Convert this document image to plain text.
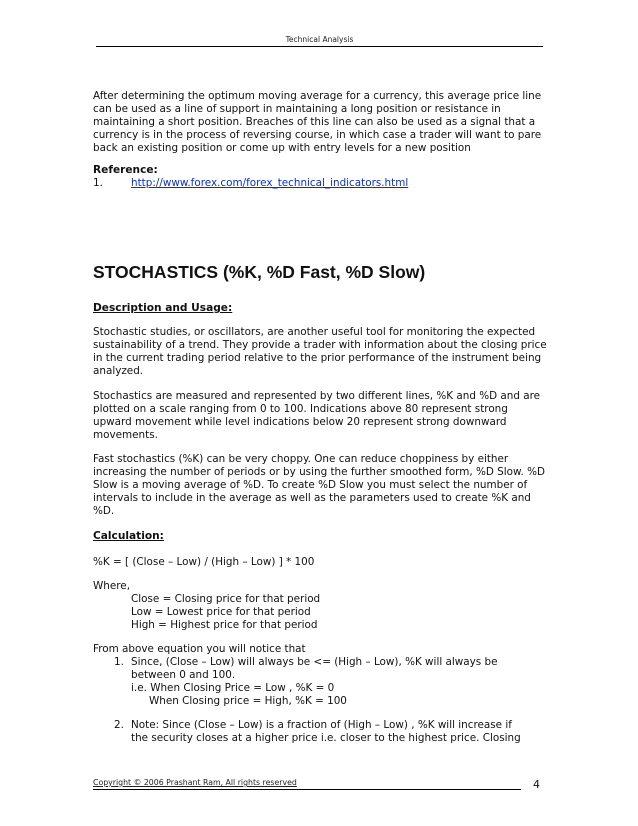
Technical Analysis

After determining the optimum moving average for a currency, this average price line can be used as a line of support in maintaining a long position or resistance in maintaining a short position. Breaches of this line can also be used as a signal that a currency is in the process of reversing course, in which case a trader will want to pare back an existing position or come up with entry levels for a new position

Reference:

1.	http://www.forex.com/forex_technical_indicators.html
STOCHASTICS (%K, %D Fast, %D Slow)

Description and Usage:

Stochastic studies, or oscillators, are another useful tool for monitoring the expected sustainability of a trend. They provide a trader with information about the closing price in the current trading period relative to the prior performance of the instrument being analyzed.

Stochastics are measured and represented by two different lines, %K and %D and are plotted on a scale ranging from 0 to 100. Indications above 80 represent strong upward movement while level indications below 20 represent strong downward movements.

Fast stochastics (%K) can be very choppy. One can reduce choppiness by either increasing the number of periods or by using the further smoothed form, %D Slow. %D Slow is a moving average of %D. To create %D Slow you must select the number of intervals to include in the average as well as the parameters used to create %K and %D.

Calculation:

%K = [ (Close – Low) / (High – Low) ] * 100
Where,
Close = Closing price for that period
Low = Lowest price for that period
High = Highest price for that period
From above equation you will notice that
1. Since, (Close – Low) will always be <= (High – Low), %K will always be
between 0 and 100.
i.e. When Closing Price = Low , %K = 0
When Closing price = High, %K = 100
2. Note: Since (Close – Low) is a fraction of (High – Low) , %K will increase if
the security closes at a higher price i.e. closer to the highest price. Closing
Copyright © 2006 Prashant Ram, All rights reserved	4
